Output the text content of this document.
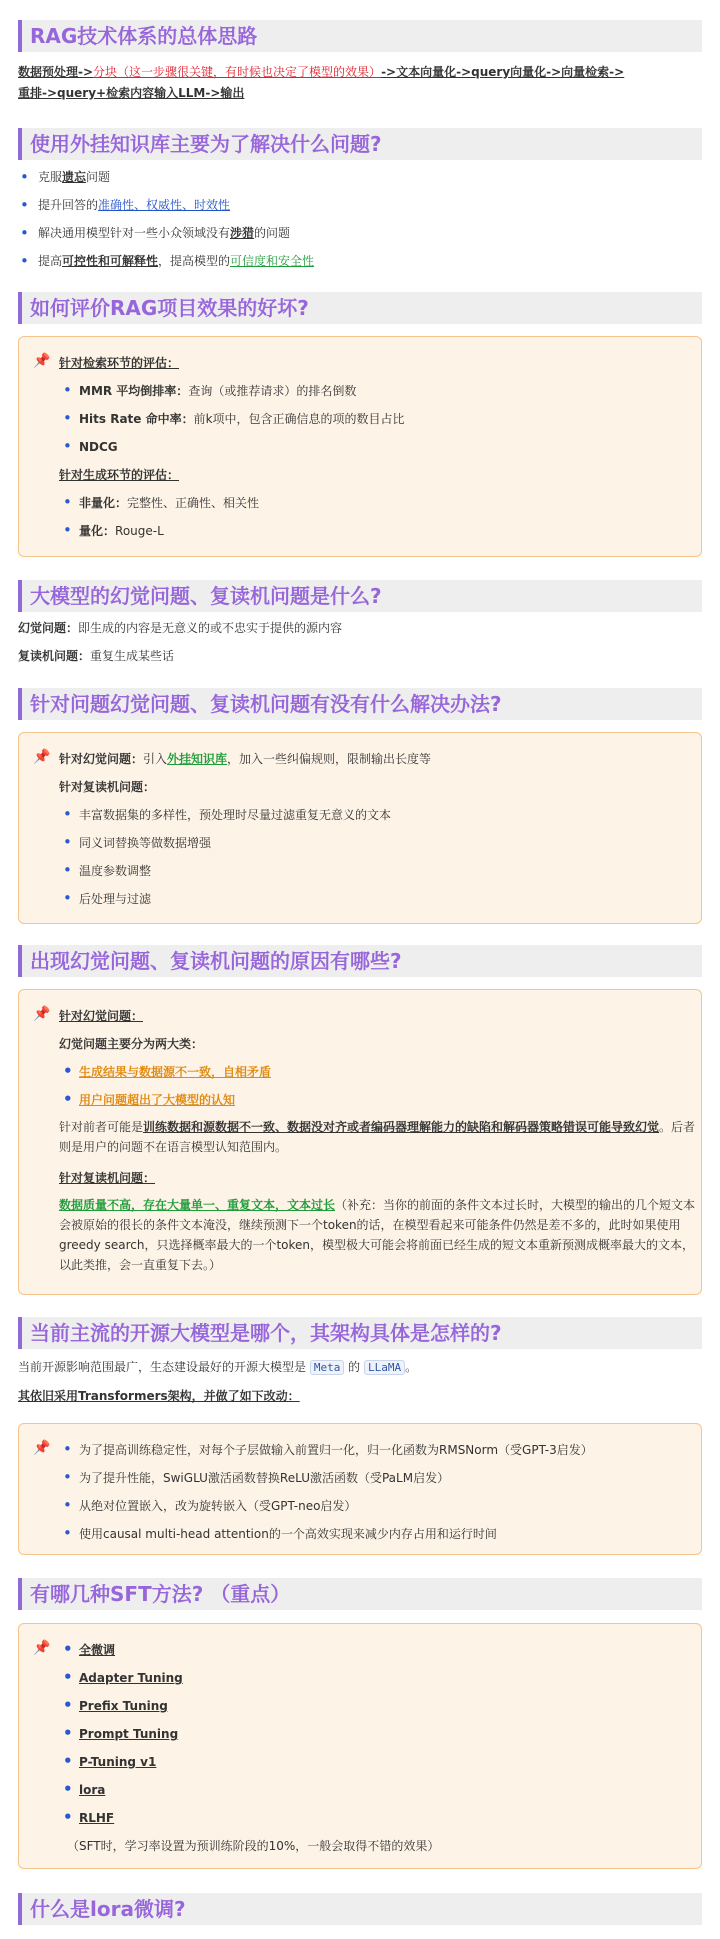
RAG技术体系的总体思路
数据预处理->分块（这一步骤很关键，有时候也决定了模型的效果）->文本向量化->query向量化->向量检索->
重排->query+检索内容输入LLM->输出
使用外挂知识库主要为了解决什么问题?
• 克服遗忘问题
• 提升回答的准确性、权威性、时效性
• 解决通用模型针对一些小众领域没有涉猎的问题
• 提高可控性和可解释性，提高模型的可信度和安全性
如何评价RAG项目效果的好坏?
📌 针对检索环节的评估：
• MMR 平均倒排率：查询（或推荐请求）的排名倒数
• Hits Rate 命中率：前k项中，包含正确信息的项的数目占比
• NDCG
针对生成环节的评估：
• 非量化：完整性、正确性、相关性
• 量化：Rouge-L
大模型的幻觉问题、复读机问题是什么?
幻觉问题：即生成的内容是无意义的或不忠实于提供的源内容
复读机问题：重复生成某些话
针对问题幻觉问题、复读机问题有没有什么解决办法?
📌 针对幻觉问题：引入外挂知识库，加入一些纠偏规则，限制输出长度等
针对复读机问题：
• 丰富数据集的多样性，预处理时尽量过滤重复无意义的文本
• 同义词替换等做数据增强
• 温度参数调整
• 后处理与过滤
出现幻觉问题、复读机问题的原因有哪些?
📌 针对幻觉问题：
幻觉问题主要分为两大类：
• 生成结果与数据源不一致，自相矛盾
• 用户问题超出了大模型的认知
针对前者可能是训练数据和源数据不一致、数据没对齐或者编码器理解能力的缺陷和解码器策略错误可能导致幻觉。后者则是用户的问题不在语言模型认知范围内。
针对复读机问题：
数据质量不高，存在大量单一、重复文本，文本过长（补充：当你的前面的条件文本过长时，大模型的输出的几个短文本会被原始的很长的条件文本淹没，继续预测下一个token的话，在模型看起来可能条件仍然是差不多的，此时如果使用greedy search，只选择概率最大的一个token，模型极大可能会将前面已经生成的短文本重新预测成概率最大的文本，以此类推，会一直重复下去。）
当前主流的开源大模型是哪个，其架构具体是怎样的?
当前开源影响范围最广，生态建设最好的开源大模型是 Meta 的 LLaMA 。
其依旧采用Transformers架构，并做了如下改动：
📌	• 为了提高训练稳定性，对每个子层做输入前置归一化，归一化函数为RMSNorm（受GPT-3启发）
• 为了提升性能，SwiGLU激活函数替换ReLU激活函数（受PaLM启发）
• 从绝对位置嵌入，改为旋转嵌入（受GPT-neo启发）
• 使用causal multi-head attention的一个高效实现来减少内存占用和运行时间
有哪几种SFT方法? （重点）
📌	• 全微调
• Adapter Tuning
• Prefix Tuning
• Prompt Tuning
• P-Tuning v1
• lora
• RLHF
（SFT时，学习率设置为预训练阶段的10%，一般会取得不错的效果）
什么是lora微调?
